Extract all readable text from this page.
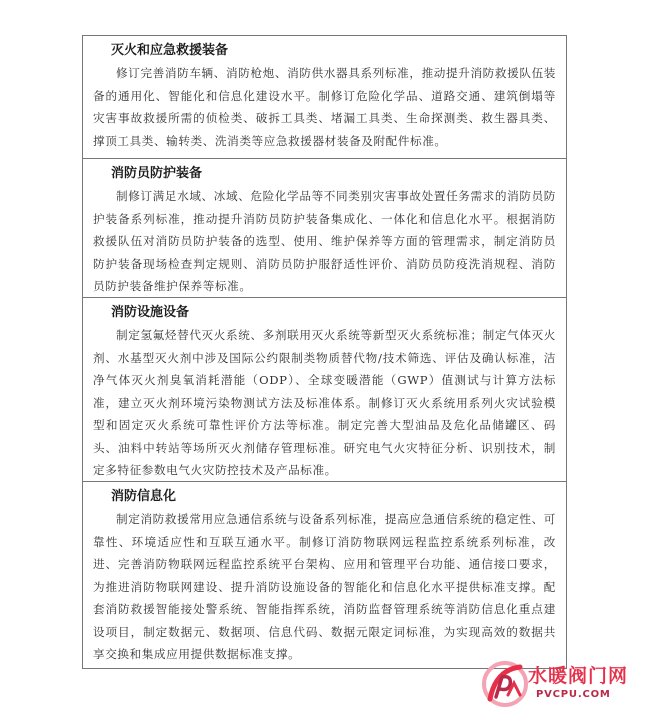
灭火和应急救援装备

修订完善消防车辆、消防枪炮、消防供水器具系列标准，推动提升消防救援队伍装备的通用化、智能化和信息化建设水平。制修订危险化学品、道路交通、建筑倒塌等灾害事故救援所需的侦检类、破拆工具类、堵漏工具类、生命探测类、救生器具类、撑顶工具类、输转类、洗消类等应急救援器材装备及附配件标准。

消防员防护装备

制修订满足水域、冰域、危险化学品等不同类别灾害事故处置任务需求的消防员防护装备系列标准，推动提升消防员防护装备集成化、一体化和信息化水平。根据消防救援队伍对消防员防护装备的选型、使用、维护保养等方面的管理需求，制定消防员防护装备现场检查判定规则、消防员防护服舒适性评价、消防员防疫洗消规程、消防员防护装备维护保养等标准。

消防设施设备

制定氢氟烃替代灭火系统、多剂联用灭火系统等新型灭火系统标准；制定气体灭火剂、水基型灭火剂中涉及国际公约限制类物质替代物/技术筛选、评估及确认标准，洁净气体灭火剂臭氧消耗潜能（ODP）、全球变暖潜能（GWP）值测试与计算方法标准，建立灭火剂环境污染物测试方法及标准体系。制修订灭火系统用系列火灾试验模型和固定灭火系统可靠性评价方法等标准。制定完善大型油品及危化品储罐区、码头、油料中转站等场所灭火剂储存管理标准。研究电气火灾特征分析、识别技术，制定多特征参数电气火灾防控技术及产品标准。

消防信息化

制定消防救援常用应急通信系统与设备系列标准，提高应急通信系统的稳定性、可靠性、环境适应性和互联互通水平。制修订消防物联网远程监控系统系列标准，改进、完善消防物联网远程监控系统平台架构、应用和管理平台功能、通信接口要求，为推进消防物联网建设、提升消防设施设备的智能化和信息化水平提供标准支撑。配套消防救援智能接处警系统、智能指挥系统，消防监督管理系统等消防信息化重点建设项目，制定数据元、数据项、信息代码、数据元限定词标准，为实现高效的数据共享交换和集成应用提供数据标准支撑。

水暖阀门网
PVCPU.COM
